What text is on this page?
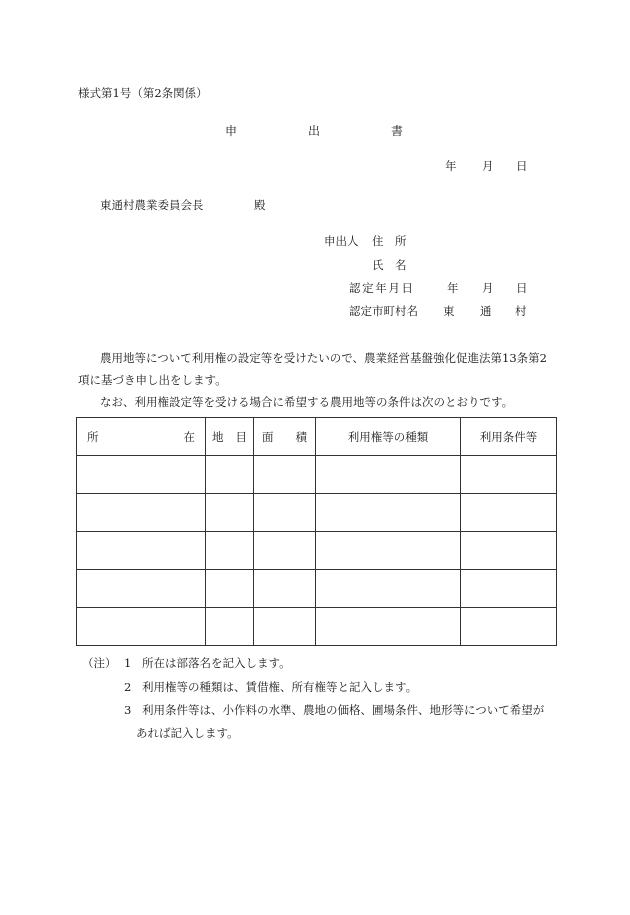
様式第1号（第2条関係）
申	出	書
年 月 日
東通村農業委員会長	殿
申出人 住　所
氏　名
認定年月日	年 月 日
認定市町村名 東 通 村

農用地等について利用権の設定等を受けたいので、農業経営基盤強化促進法第13条第2項に基づき申し出をします。

なお、利用権設定等を受ける場合に希望する農用地等の条件は次のとおりです。

所 在	地 目	面 積	利用権等の種類	利用条件等

（注） 1 所在は部落名を記入します。
2 利用権等の種類は、賃借権、所有権等と記入します。
3 利用条件等は、小作料の水準、農地の価格、圃場条件、地形等について希望が
あれば記入します。
